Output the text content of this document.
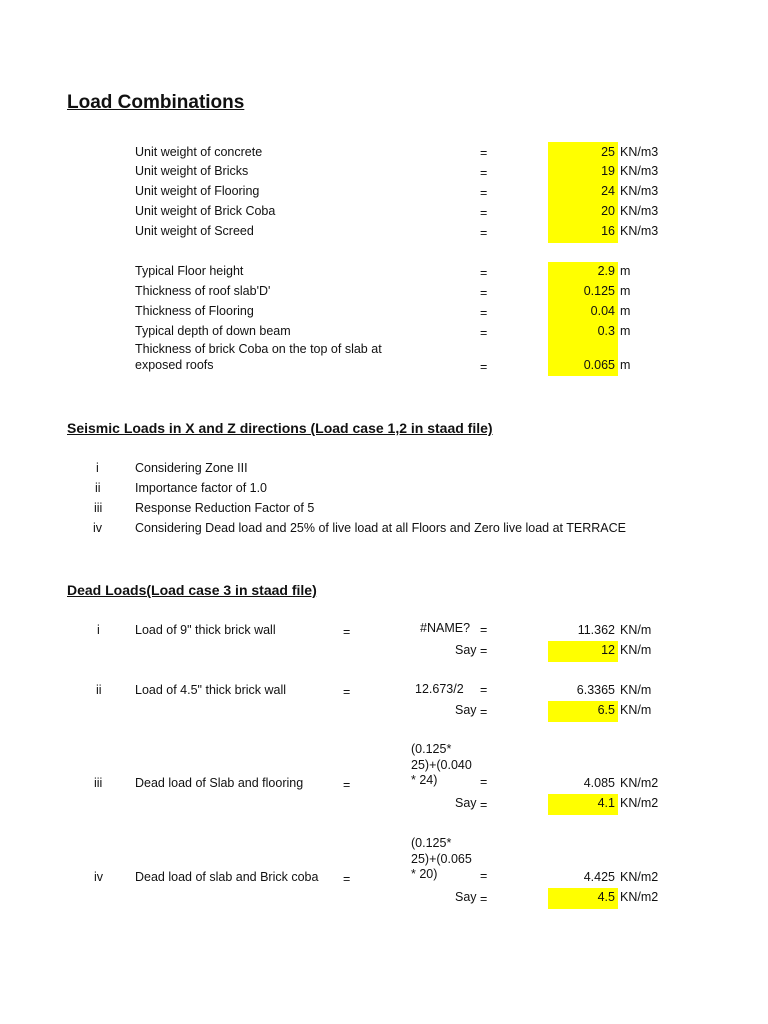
Load Combinations
Unit weight of concrete	=	25 KN/m3
Unit weight of Bricks	=	19 KN/m3
Unit weight of Flooring	=	24 KN/m3
Unit weight of Brick Coba	=	20 KN/m3
Unit weight of Screed	=	16 KN/m3
Typical Floor height	=	2.9 m
Thickness of roof slab'D'	=	0.125 m
Thickness of Flooring	=	0.04 m
Typical depth of down beam	=	0.3 m
Thickness of brick Coba on the top of slab at
exposed roofs	=	0.065 m
Seismic Loads in X and Z directions (Load case 1,2 in staad file)
i	Considering Zone III
ii	Importance factor of 1.0
iii	Response Reduction Factor of 5
iv	Considering Dead load and 25% of live load at all Floors and Zero live load at TERRACE
Dead Loads(Load case 3 in staad file)
i	Load of 9" thick brick wall	=	#NAME? =	11.362 KN/m
Say =	12 KN/m
ii	Load of 4.5" thick brick wall	=	12.673/2 =	6.3365 KN/m
Say =	6.5 KN/m
iii	Dead load of Slab and flooring	=
(0.125*
25)+(0.040
* 24)	=	4.085 KN/m2
Say =	4.1 KN/m2
iv	Dead load of slab and Brick coba =
(0.125*
25)+(0.065
* 20)	=	4.425 KN/m2
Say =	4.5 KN/m2
